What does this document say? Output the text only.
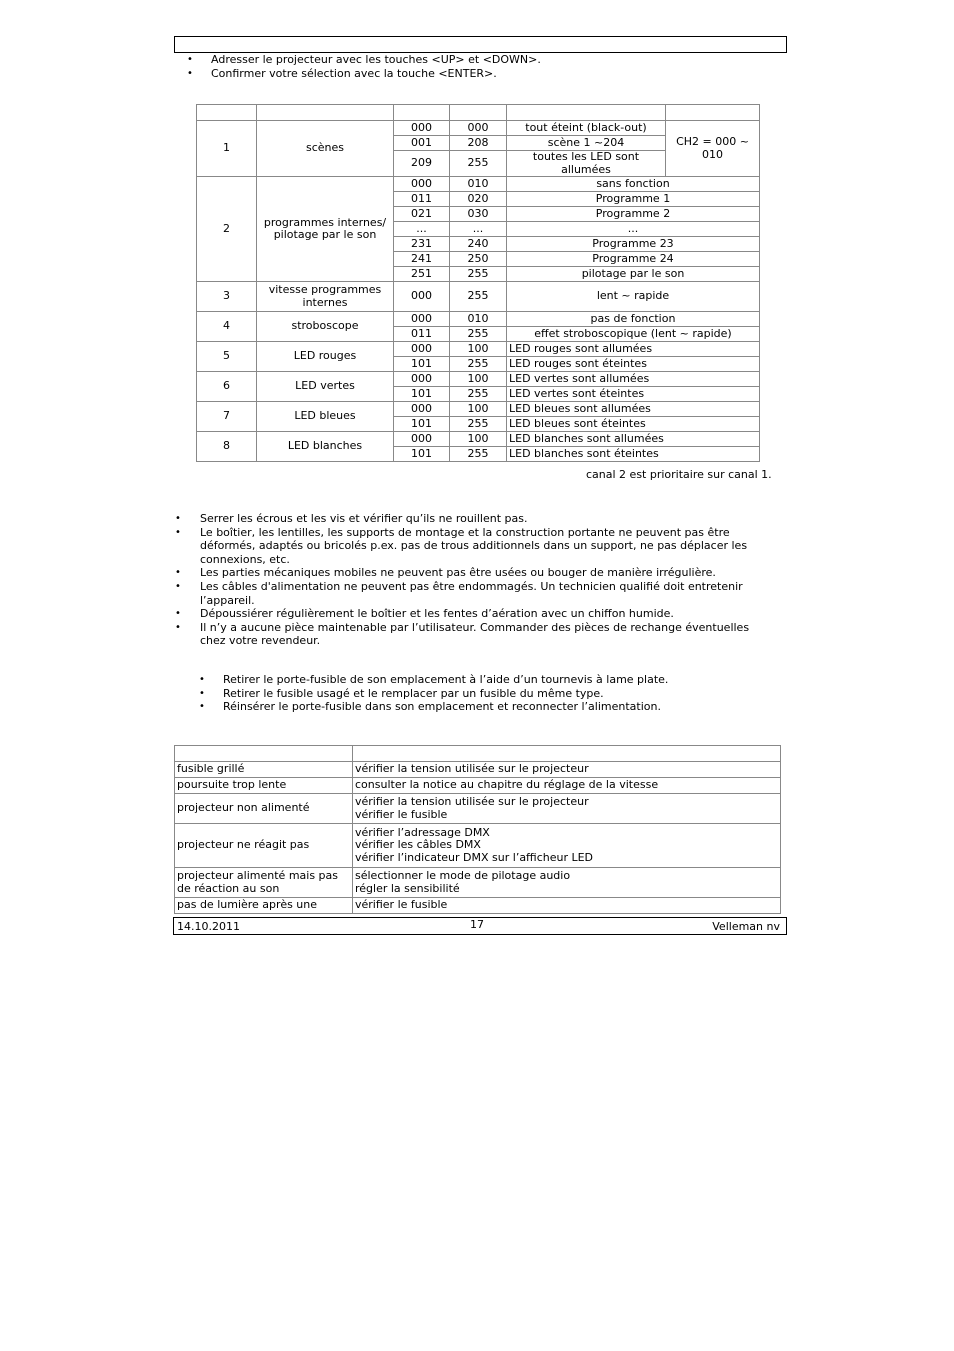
• Adresser le projecteur avec les touches <UP> et <DOWN>.
• Confirmer votre sélection avec la touche <ENTER>.

1	scènes	000	000	tout éteint (black-out)	CH2 = 000 ~ 010
		001	208	scène 1 ~204	
		209	255	toutes les LED sont allumées	
2	programmes internes/ pilotage par le son	000	010	sans fonction	
		011	020	Programme 1	
		021	030	Programme 2	
		...	...	...	
		231	240	Programme 23	
		241	250	Programme 24	
		251	255	pilotage par le son	
3	vitesse programmes internes	000	255	lent ~ rapide	
4	stroboscope	000	010	pas de fonction	
		011	255	effet stroboscopique (lent ~ rapide)	
5	LED rouges	000	100	LED rouges sont allumées	
		101	255	LED rouges sont éteintes	
6	LED vertes	000	100	LED vertes sont allumées	
		101	255	LED vertes sont éteintes	
7	LED bleues	000	100	LED bleues sont allumées	
		101	255	LED bleues sont éteintes	
8	LED blanches	000	100	LED blanches sont allumées	
		101	255	LED blanches sont éteintes	
canal 2 est prioritaire sur canal 1.
• Serrer les écrous et les vis et vérifier qu’ils ne rouillent pas.
• Le boîtier, les lentilles, les supports de montage et la construction portante ne peuvent pas être déformés, adaptés ou bricolés p.ex. pas de trous additionnels dans un support, ne pas déplacer les connexions, etc.
• Les parties mécaniques mobiles ne peuvent pas être usées ou bouger de manière irrégulière.
• Les câbles d'alimentation ne peuvent pas être endommagés. Un technicien qualifié doit entretenir l’appareil.
• Dépoussiérer régulièrement le boîtier et les fentes d’aération avec un chiffon humide.
• Il n’y a aucune pièce maintenable par l’utilisateur. Commander des pièces de rechange éventuelles chez votre revendeur.
• Retirer le porte-fusible de son emplacement à l’aide d’un tournevis à lame plate.
• Retirer le fusible usagé et le remplacer par un fusible du même type.
• Réinsérer le porte-fusible dans son emplacement et reconnecter l’alimentation.

fusible grillé	vérifier la tension utilisée sur le projecteur

poursuite trop lente	consulter la notice au chapitre du réglage de la vitesse

projecteur non alimenté	vérifier la tension utilisée sur le projecteur
vérifier le fusible

projecteur ne réagit pas	vérifier l’adressage DMX
vérifier les câbles DMX
vérifier l’indicateur DMX sur l’afficheur LED

projecteur alimenté mais pas de réaction au son	sélectionner le mode de pilotage audio
régler la sensibilité

pas de lumière après une	vérifier le fusible
14.10.2011	17	Velleman nv
